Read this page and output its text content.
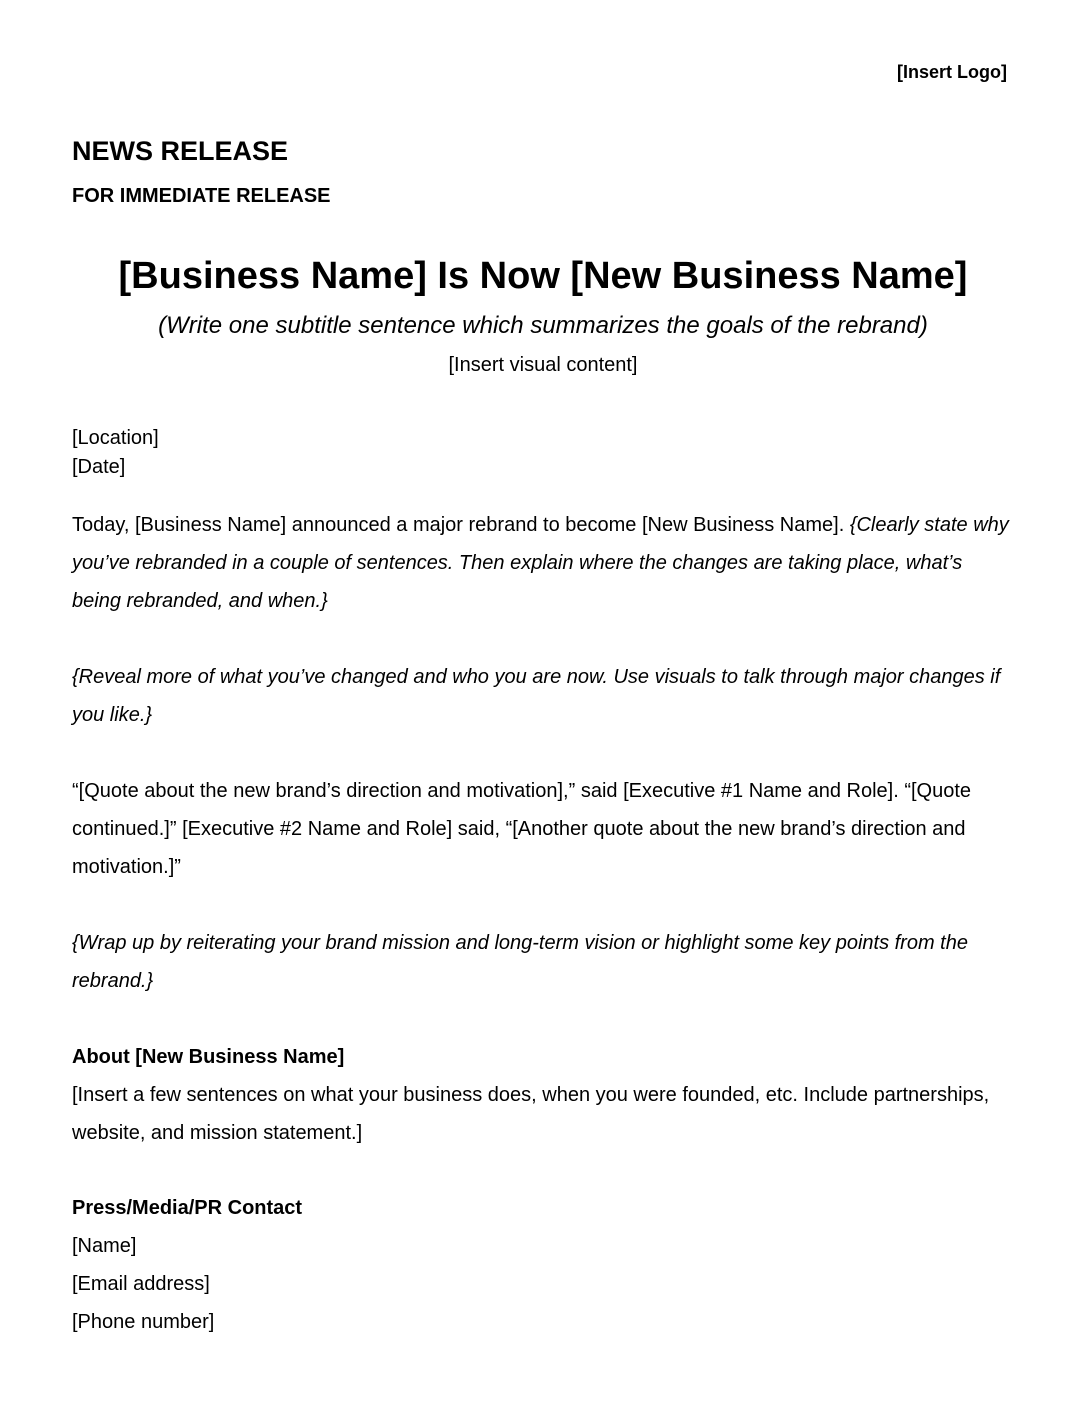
[Insert Logo]
NEWS RELEASE
FOR IMMEDIATE RELEASE
[Business Name] Is Now [New Business Name]
(Write one subtitle sentence which summarizes the goals of the rebrand)
[Insert visual content]
[Location]
[Date]

Today, [Business Name] announced a major rebrand to become [New Business Name]. {Clearly state why you’ve rebranded in a couple of sentences. Then explain where the changes are taking place, what’s being rebranded, and when.}

{Reveal more of what you’ve changed and who you are now. Use visuals to talk through major changes if you like.}

“[Quote about the new brand’s direction and motivation],” said [Executive #1 Name and Role]. “[Quote continued.]” [Executive #2 Name and Role] said, “[Another quote about the new brand’s direction and motivation.]”

{Wrap up by reiterating your brand mission and long-term vision or highlight some key points from the rebrand.}

About [New Business Name]
[Insert a few sentences on what your business does, when you were founded, etc. Include partnerships, website, and mission statement.]
Press/Media/PR Contact
[Name]
[Email address]
[Phone number]
